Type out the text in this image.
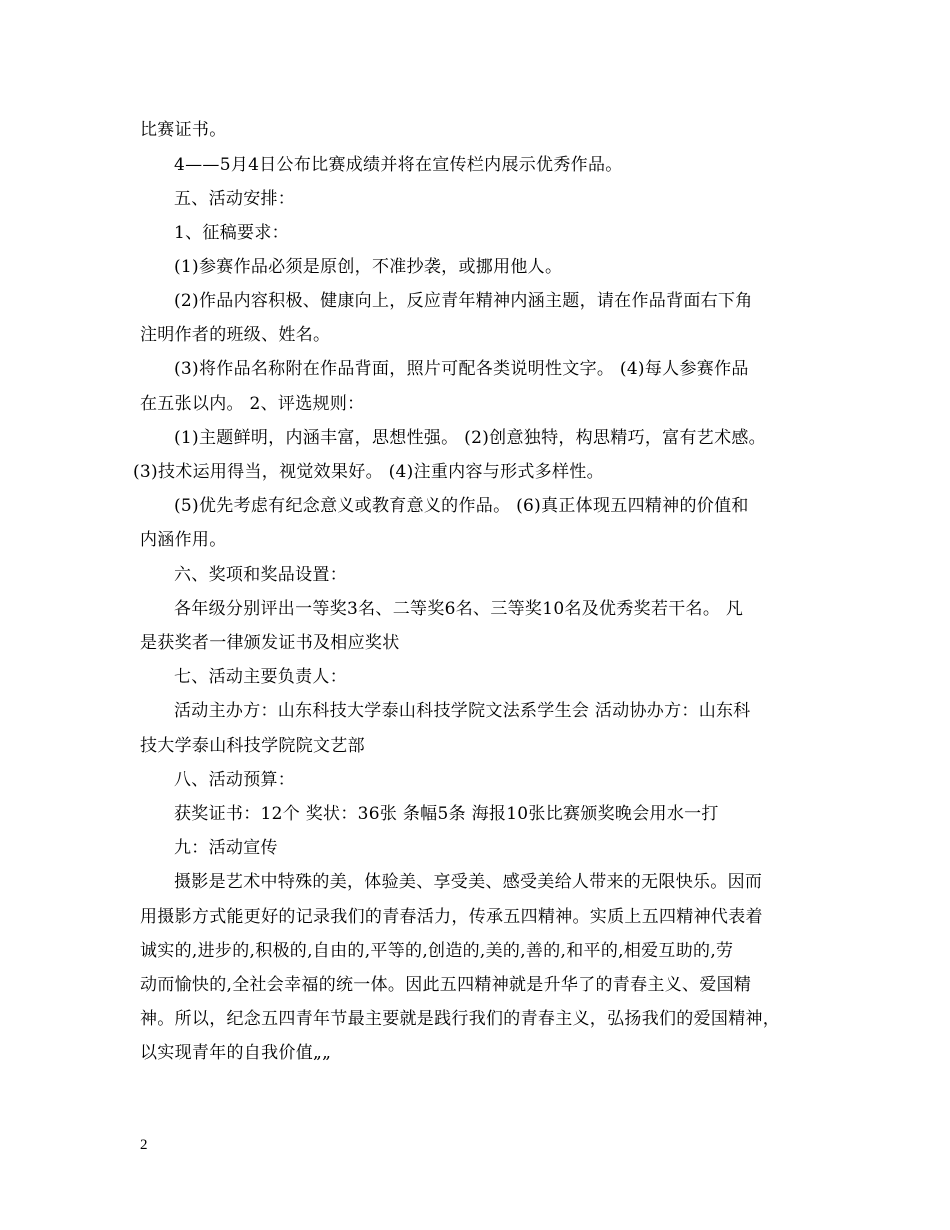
比赛证书。
4——5月4日公布比赛成绩并将在宣传栏内展示优秀作品。
五、活动安排：
1、征稿要求：
(1)参赛作品必须是原创，不准抄袭，或挪用他人。
(2)作品内容积极、健康向上，反应青年精神内涵主题，请在作品背面右下角
注明作者的班级、姓名。
(3)将作品名称附在作品背面，照片可配各类说明性文字。 (4)每人参赛作品
在五张以内。 2、评选规则：
(1)主题鲜明，内涵丰富，思想性强。 (2)创意独特，构思精巧，富有艺术感。
(3)技术运用得当，视觉效果好。 (4)注重内容与形式多样性。
(5)优先考虑有纪念意义或教育意义的作品。 (6)真正体现五四精神的价值和
内涵作用。
六、奖项和奖品设置：
各年级分别评出一等奖3名、二等奖6名、三等奖10名及优秀奖若干名。 凡
是获奖者一律颁发证书及相应奖状
七、活动主要负责人：
活动主办方：山东科技大学泰山科技学院文法系学生会 活动协办方：山东科
技大学泰山科技学院院文艺部
八、活动预算：
获奖证书：12个 奖状：36张 条幅5条 海报10张比赛颁奖晚会用水一打
九：活动宣传
摄影是艺术中特殊的美，体验美、享受美、感受美给人带来的无限快乐。因而
用摄影方式能更好的记录我们的青春活力，传承五四精神。实质上五四精神代表着
诚实的,进步的,积极的,自由的,平等的,创造的,美的,善的,和平的,相爱互助的,劳
动而愉快的,全社会幸福的统一体。因此五四精神就是升华了的青春主义、爱国精
神。所以，纪念五四青年节最主要就是践行我们的青春主义，弘扬我们的爱国精神，
以实现青年的自我价值„„
2
